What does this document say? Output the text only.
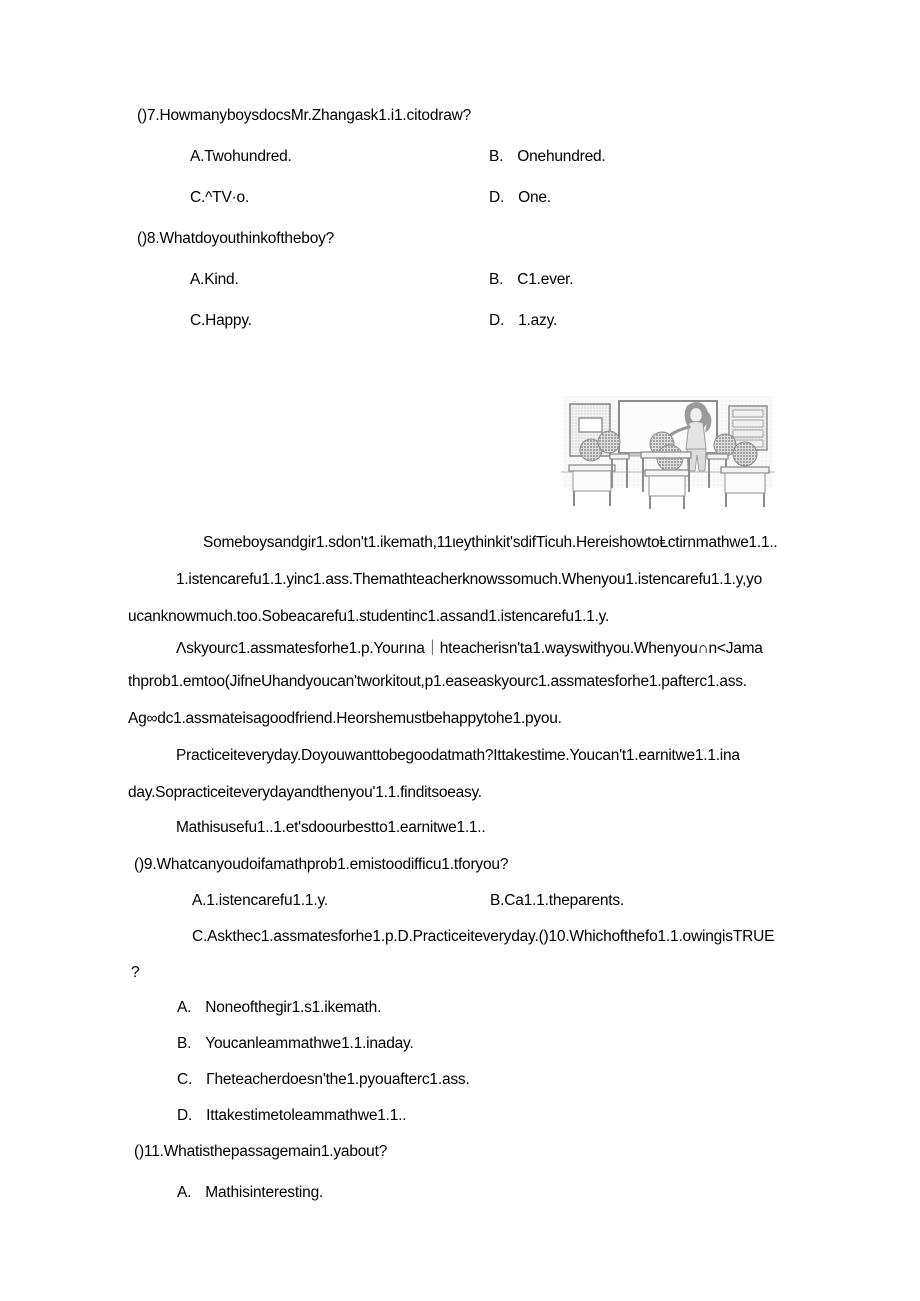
()7.HowmanyboysdocsMr.Zhangask1.i1.citodraw?
A.Twohundred.	B. Onehundred.
C.^TV·o.	D. One.
()8.Whatdoyouthinkoftheboy?
A.Kind.	B. C1.ever.
C.Happy.	D. 1.azy.
Someboysandgir1.sdon't1.ikemath,11ιeythinkit'sdifTicuh.HereishowtoⱠctirnmathwe1.1..
1.istencarefu1.1.yinc1.ass.Themathteacherknowssomuch.Whenyou1.istencarefu1.1.y,yo
ucanknowmuch.too.Sobeacarefu1.studentinc1.assand1.istencarefu1.1.y.
Λskyourc1.assmatesforhe1.p.Yourına｜hteacherisn'ta1.wayswithyou.Whenyou∩n<Jama
thprob1.emtoo(JifneUhandyoucan'tworkitout,p1.easeaskyourc1.assmatesforhe1.pafterc1.ass.
Ag∞dc1.assmateisagoodfriend.Heorshemustbehappytohe1.pyou.
Practiceiteveryday.Doyouwanttobegoodatmath?Ittakestime.Youcan't1.earnitwe1.1.ina
day.Sopracticeiteverydayandthenyou'1.1.finditsoeasy.
Mathisusefu1..1.et'sdoourbestto1.earnitwe1.1..
()9.Whatcanyoudoifamathprob1.emistoodifficu1.tforyou?
A.1.istencarefu1.1.y.	B.Ca1.1.theparents.
C.Askthec1.assmatesforhe1.p.D.Practiceiteveryday.()10.Whichofthefo1.1.owingisTRUE
?
A. Noneofthegir1.s1.ikemath.
B. Youcanleammathwe1.1.inaday.
C. Γheteacherdoesn'the1.pyouafterc1.ass.
D. Ittakestimetoleammathwe1.1..
()11.Whatisthepassagemain1.yabout?
A. Mathisinteresting.
